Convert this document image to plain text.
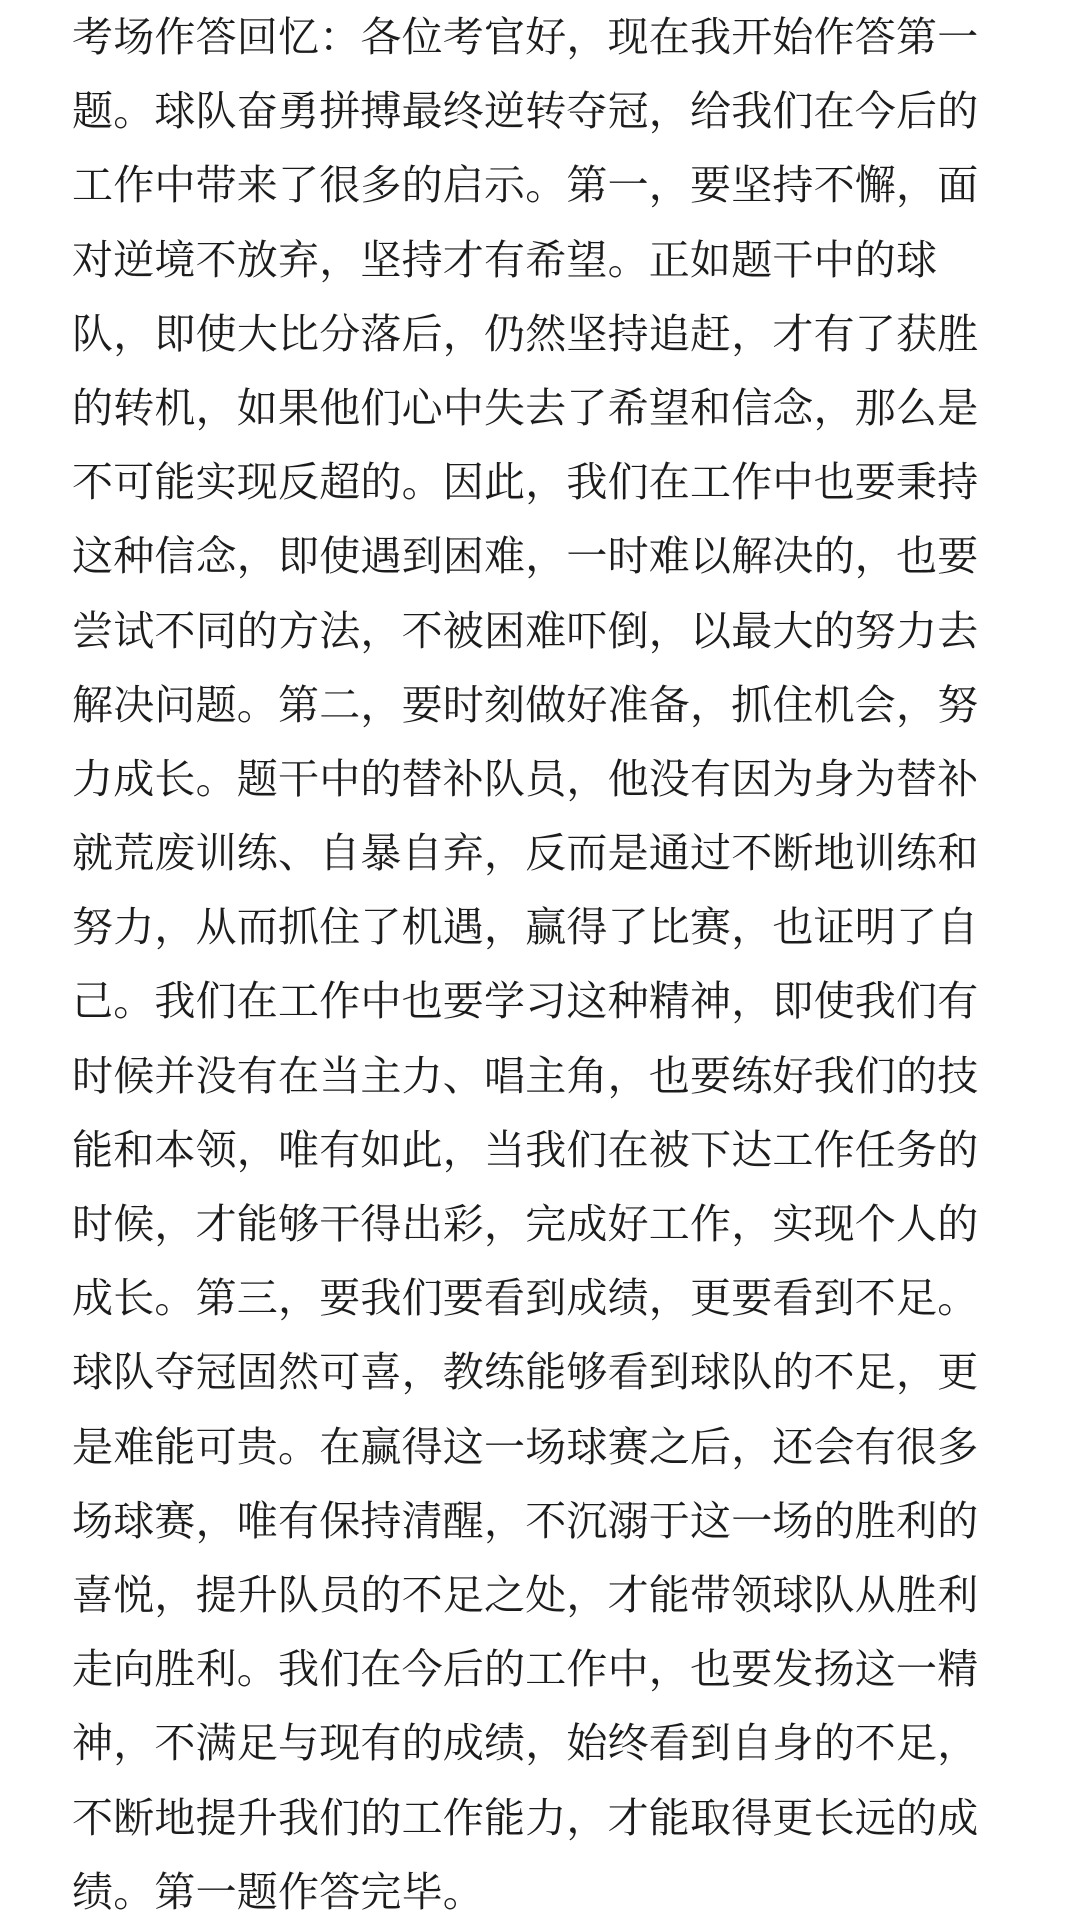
考场作答回忆：各位考官好，现在我开始作答第一
题。球队奋勇拼搏最终逆转夺冠，给我们在今后的
工作中带来了很多的启示。第一，要坚持不懈，面
对逆境不放弃，坚持才有希望。正如题干中的球
队，即使大比分落后，仍然坚持追赶，才有了获胜
的转机，如果他们心中失去了希望和信念，那么是
不可能实现反超的。因此，我们在工作中也要秉持
这种信念，即使遇到困难，一时难以解决的，也要
尝试不同的方法，不被困难吓倒，以最大的努力去
解决问题。第二，要时刻做好准备，抓住机会，努
力成长。题干中的替补队员，他没有因为身为替补
就荒废训练、自暴自弃，反而是通过不断地训练和
努力，从而抓住了机遇，赢得了比赛，也证明了自
己。我们在工作中也要学习这种精神，即使我们有
时候并没有在当主力、唱主角，也要练好我们的技
能和本领，唯有如此，当我们在被下达工作任务的
时候，才能够干得出彩，完成好工作，实现个人的
成长。第三，要我们要看到成绩，更要看到不足。
球队夺冠固然可喜，教练能够看到球队的不足，更
是难能可贵。在赢得这一场球赛之后，还会有很多
场球赛，唯有保持清醒，不沉溺于这一场的胜利的
喜悦，提升队员的不足之处，才能带领球队从胜利
走向胜利。我们在今后的工作中，也要发扬这一精
神，不满足与现有的成绩，始终看到自身的不足，
不断地提升我们的工作能力，才能取得更长远的成
绩。第一题作答完毕。
